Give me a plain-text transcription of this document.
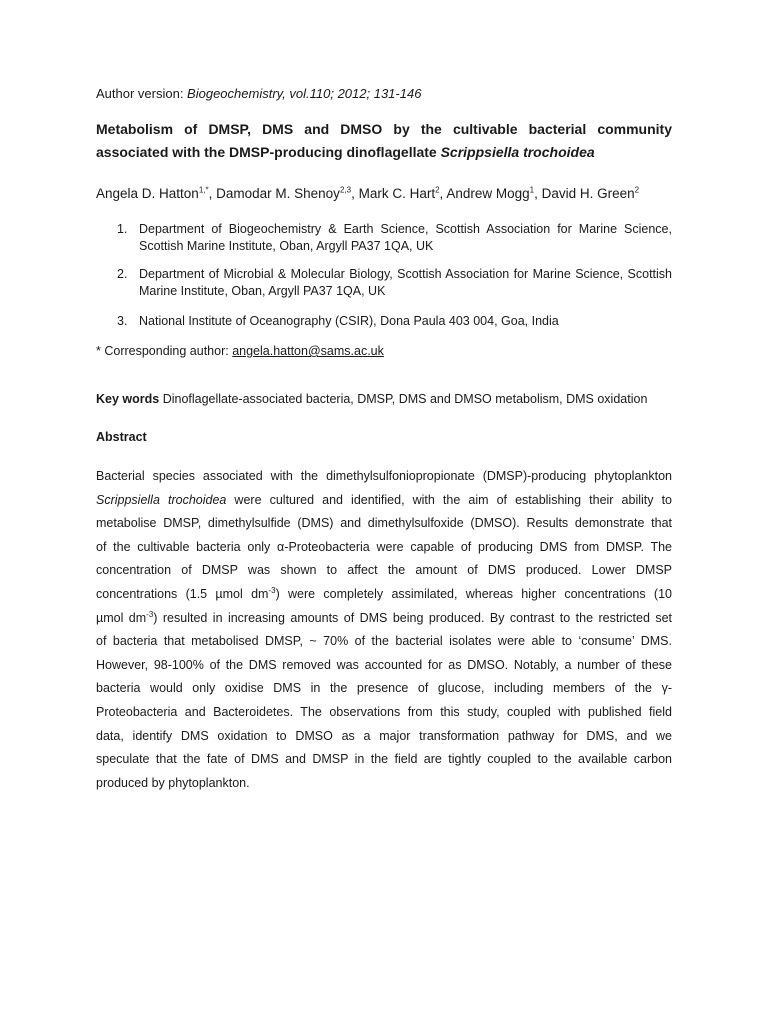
Author version: Biogeochemistry, vol.110; 2012; 131-146
Metabolism of DMSP, DMS and DMSO by the cultivable bacterial community
associated with the DMSP-producing dinoflagellate Scrippsiella trochoidea
Angela D. Hatton$^{1,*}$, Damodar M. Shenoy$^{2,3}$, Mark C. Hart$^2$, Andrew Mogg$^1$, David H. Green$^2$
1. Department of Biogeochemistry & Earth Science, Scottish Association for Marine Science, Scottish Marine Institute, Oban, Argyll PA37 1QA, UK
2. Department of Microbial & Molecular Biology, Scottish Association for Marine Science, Scottish Marine Institute, Oban, Argyll PA37 1QA, UK
3. National Institute of Oceanography (CSIR), Dona Paula 403 004, Goa, India
* Corresponding author: angela.hatton@sams.ac.uk
Key words Dinoflagellate-associated bacteria, DMSP, DMS and DMSO metabolism, DMS oxidation
Abstract
Bacterial species associated with the dimethylsulfoniopropionate (DMSP)-producing phytoplankton
Scrippsiella trochoidea were cultured and identified, with the aim of establishing their ability to
metabolise DMSP, dimethylsulfide (DMS) and dimethylsulfoxide (DMSO). Results demonstrate that
of the cultivable bacteria only α-Proteobacteria were capable of producing DMS from DMSP. The
concentration of DMSP was shown to affect the amount of DMS produced. Lower DMSP
concentrations (1.5 µmol $dm^{-3}$) were completely assimilated, whereas higher concentrations (10
µmol $dm^{-3}$) resulted in increasing amounts of DMS being produced. By contrast to the restricted set
of bacteria that metabolised DMSP, ~ 70% of the bacterial isolates were able to ‘consume’ DMS.
However, 98-100% of the DMS removed was accounted for as DMSO. Notably, a number of these
bacteria would only oxidise DMS in the presence of glucose, including members of the γ-
Proteobacteria and Bacteroidetes. The observations from this study, coupled with published field
data, identify DMS oxidation to DMSO as a major transformation pathway for DMS, and we
speculate that the fate of DMS and DMSP in the field are tightly coupled to the available carbon
produced by phytoplankton.
